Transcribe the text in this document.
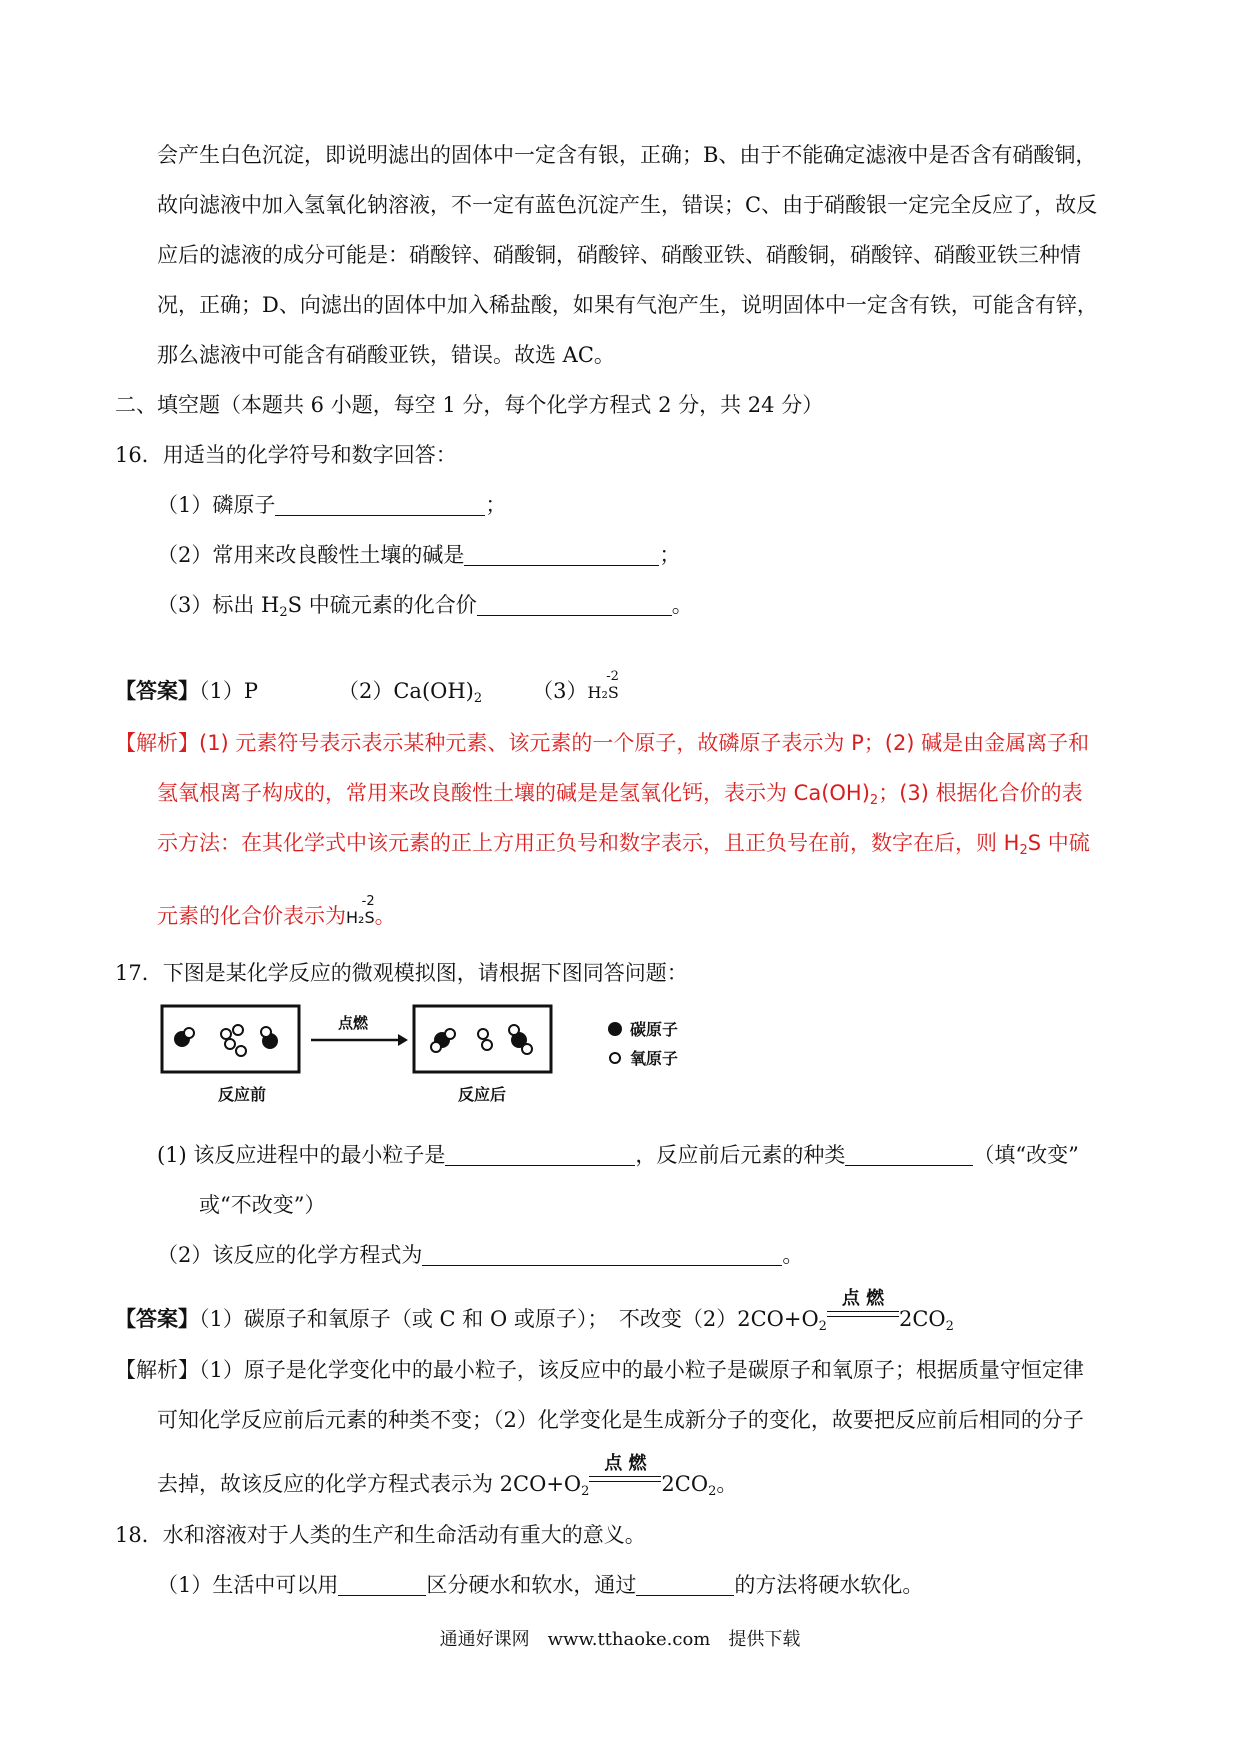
会产生白色沉淀，即说明滤出的固体中一定含有银，正确；B、由于不能确定滤液中是否含有硝酸铜，
故向滤液中加入氢氧化钠溶液，不一定有蓝色沉淀产生，错误；C、由于硝酸银一定完全反应了，故反
应后的滤液的成分可能是：硝酸锌、硝酸铜，硝酸锌、硝酸亚铁、硝酸铜，硝酸锌、硝酸亚铁三种情
况，正确；D、向滤出的固体中加入稀盐酸，如果有气泡产生，说明固体中一定含有铁，可能含有锌，
那么滤液中可能含有硝酸亚铁，错误。故选 AC。
二、填空题（本题共 6 小题，每空 1 分，每个化学方程式 2 分，共 24 分）
16．用适当的化学符号和数字回答：
（1）磷原子	；
（2）常用来改良酸性土壤的碱是	；
（3）标出 $H_2S$ 中硫元素的化合价	。
【答案】（1）P	$(2)Ca(OH)_2$ （3）H₂S
-2
【解析】(1) 元素符号表示表示某种元素、该元素的一个原子，故磷原子表示为 P；(2) 碱是由金属离子和
氢氧根离子构成的，常用来改良酸性土壤的碱是是氢氧化钙，表示为 $Ca(OH)_2$；(3) 根据化合价的表
示方法：在其化学式中该元素的正上方用正负号和数字表示，且正负号在前，数字在后，则 $H_2S$ 中硫
元素的化合价表示为H₂S
-2
。
17．下图是某化学反应的微观模拟图，请根据下图同答问题：
反应前
点燃
反应后
碳原子
氧原子
(1) 该反应进程中的最小粒子是	，反应前后元素的种类	（填“改变”
或“不改变”）
（2）该反应的化学方程式为	。
【答案】（1）碳原子和氧原子（或 C 和 O 或原子）；　不改变$(2)2CO+O_2$
点 燃
$2CO_2$
【解析】（1）原子是化学变化中的最小粒子，该反应中的最小粒子是碳原子和氧原子；根据质量守恒定律
可知化学反应前后元素的种类不变；（2）化学变化是生成新分子的变化，故要把反应前后相同的分子
去掉，故该反应的化学方程式表示为 $2CO+O_2$
点 燃
$2CO_2$。
18．水和溶液对于人类的生产和生命活动有重大的意义。
（1）生活中可以用	区分硬水和软水，通过	的方法将硬水软化。
通通好课网　www.tthaoke.com　提供下载
